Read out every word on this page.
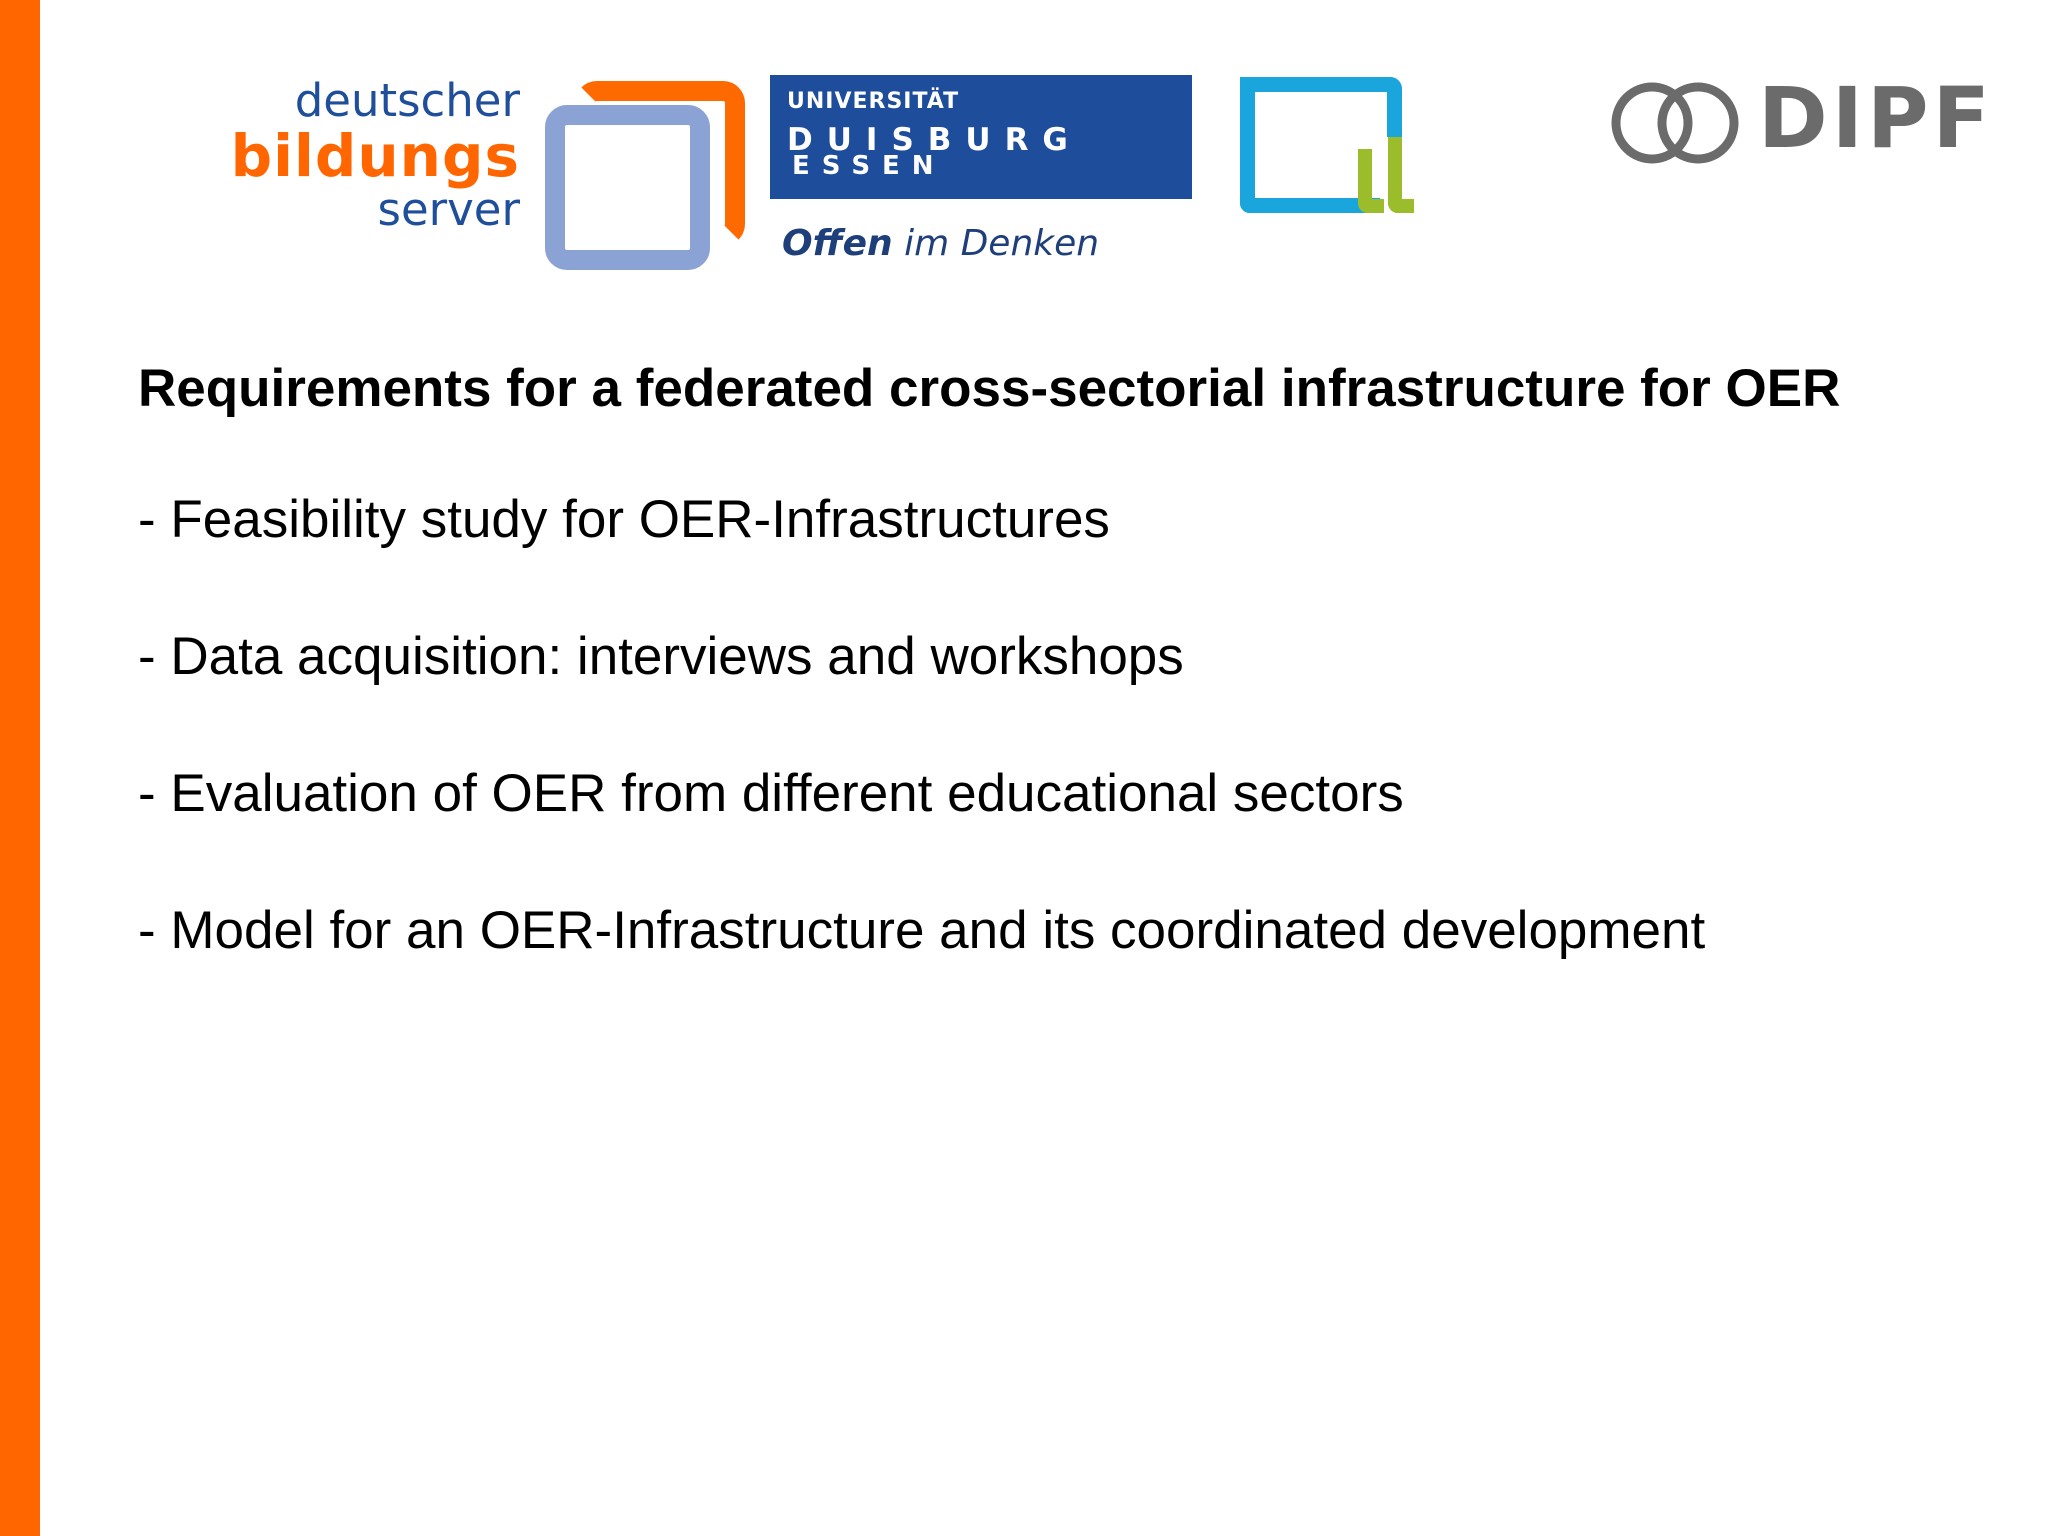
deutscher
bildungs
server
UNIVERSITÄT
DUISBURG
ESSEN
Offen im Denken
DIPF
Requirements for a federated cross-sectorial infrastructure for OER
- Feasibility study for OER-Infrastructures
- Data acquisition: interviews and workshops
- Evaluation of OER from different educational sectors
- Model for an OER-Infrastructure and its coordinated development
